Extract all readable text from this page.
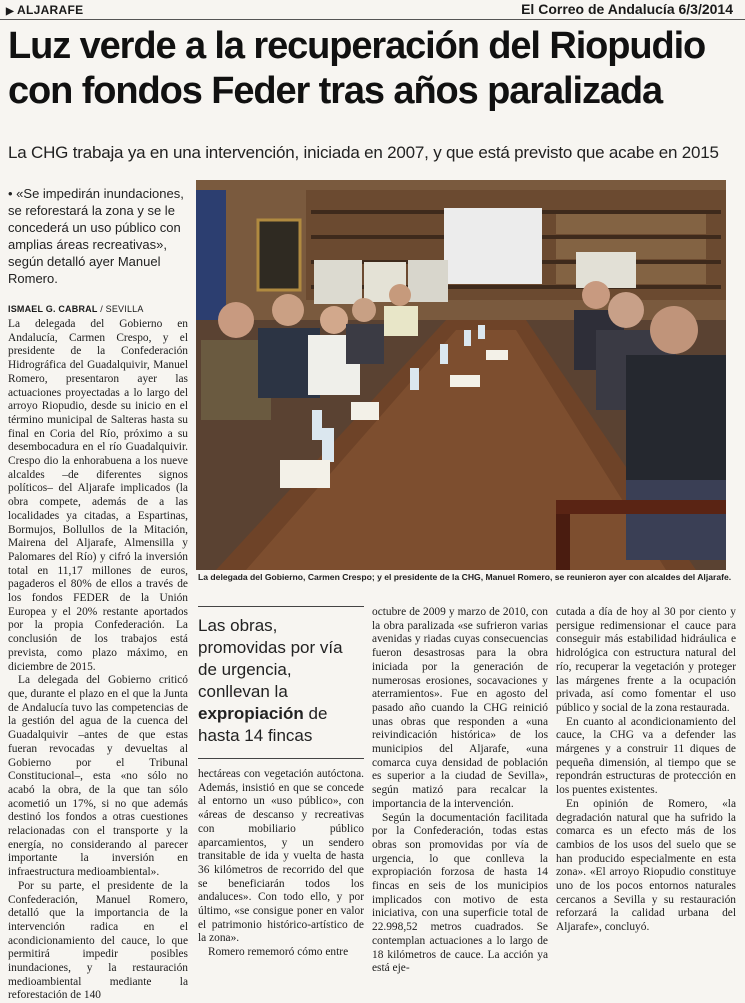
▶ ALJARAFE	El Correo de Andalucía 6/3/2014
Luz verde a la recuperación del Riopudio con fondos Feder tras años paralizada
La CHG trabaja ya en una intervención, iniciada en 2007, y que está previsto que acabe en 2015
• «Se impedirán inundaciones, se reforestará la zona y se le concederá un uso público con amplias áreas recreativas», según detalló ayer Manuel Romero.
ISMAEL G. CABRAL / SEVILLA

La delegada del Gobierno en Andalucía, Carmen Crespo, y el presidente de la Confederación Hidrográfica del Guadalquivir, Manuel Romero, presentaron ayer las actuaciones proyectadas a lo largo del arroyo Riopudio, desde su inicio en el término municipal de Salteras hasta su final en Coria del Río, próximo a su desembocadura en el río Guadalquivir. Crespo dio la enhorabuena a los nueve alcaldes –de diferentes signos políticos– del Aljarafe implicados (la obra compete, además de a las localidades ya citadas, a Espartinas, Bormujos, Bollullos de la Mitación, Mairena del Aljarafe, Almensilla y Palomares del Río) y cifró la inversión total en 11,17 millones de euros, pagaderos el 80% de ellos a través de los fondos FEDER de la Unión Europea y el 20% restante aportados por la propia Confederación. La conclusión de los trabajos está prevista, como plazo máximo, en diciembre de 2015.

La delegada del Gobierno criticó que, durante el plazo en el que la Junta de Andalucía tuvo las competencias de la gestión del agua de la cuenca del Guadalquivir –antes de que estas fueran revocadas y devueltas al Gobierno por el Tribunal Constitucional–, esta «no sólo no acabó la obra, de la que tan sólo acometió un 17%, si no que además destinó los fondos a otras cuestiones relacionadas con el transporte y la energía, no considerando al parecer importante la inversión en infraestructura medioambiental».

Por su parte, el presidente de la Confederación, Manuel Romero, detalló que la importancia de la intervención radica en el acondicionamiento del cauce, lo que permitirá impedir posibles inundaciones, y la restauración medioambiental mediante la reforestación de 140

La delegada del Gobierno, Carmen Crespo; y el presidente de la CHG, Manuel Romero, se reunieron ayer con alcaldes del Aljarafe.
Las obras, promovidas por vía de urgencia, conllevan la expropiación de hasta 14 fincas

hectáreas con vegetación autóctona. Además, insistió en que se concede al entorno un «uso público», con «áreas de descanso y recreativas con mobiliario público aparcamientos, y un sendero transitable de ida y vuelta de hasta 36 kilómetros de recorrido del que se beneficiarán todos los andaluces». Con todo ello, y por último, «se consigue poner en valor el patrimonio histórico-artístico de la zona».

Romero rememoró cómo entre

octubre de 2009 y marzo de 2010, con la obra paralizada «se sufrieron varias avenidas y riadas cuyas consecuencias fueron desastrosas para la obra iniciada por la generación de numerosas erosiones, socavaciones y aterramientos». Fue en agosto del pasado año cuando la CHG reinició unas obras que responden a «una reivindicación histórica» de los municipios del Aljarafe, «una comarca cuya densidad de población es superior a la ciudad de Sevilla», según matizó para recalcar la importancia de la intervención.

Según la documentación facilitada por la Confederación, todas estas obras son promovidas por vía de urgencia, lo que conlleva la expropiación forzosa de hasta 14 fincas en seis de los municipios implicados con motivo de esta iniciativa, con una superficie total de 22.998,52 metros cuadrados. Se contemplan actuaciones a lo largo de 18 kilómetros de cauce. La acción ya está eje-

cutada a día de hoy al 30 por ciento y persigue redimensionar el cauce para conseguir más estabilidad hidráulica e hidrológica con estructura natural del río, recuperar la vegetación y proteger las márgenes frente a la ocupación privada, así como fomentar el uso público y social de la zona restaurada.

En cuanto al acondicionamiento del cauce, la CHG va a defender las márgenes y a construir 11 diques de pequeña dimensión, al tiempo que se repondrán estructuras de protección en los puentes existentes.

En opinión de Romero, «la degradación natural que ha sufrido la comarca es un efecto más de los cambios de los usos del suelo que se han producido especialmente en esta zona». «El arroyo Riopudio constituye uno de los pocos entornos naturales cercanos a Sevilla y su restauración reforzará la calidad urbana del Aljarafe», concluyó.
